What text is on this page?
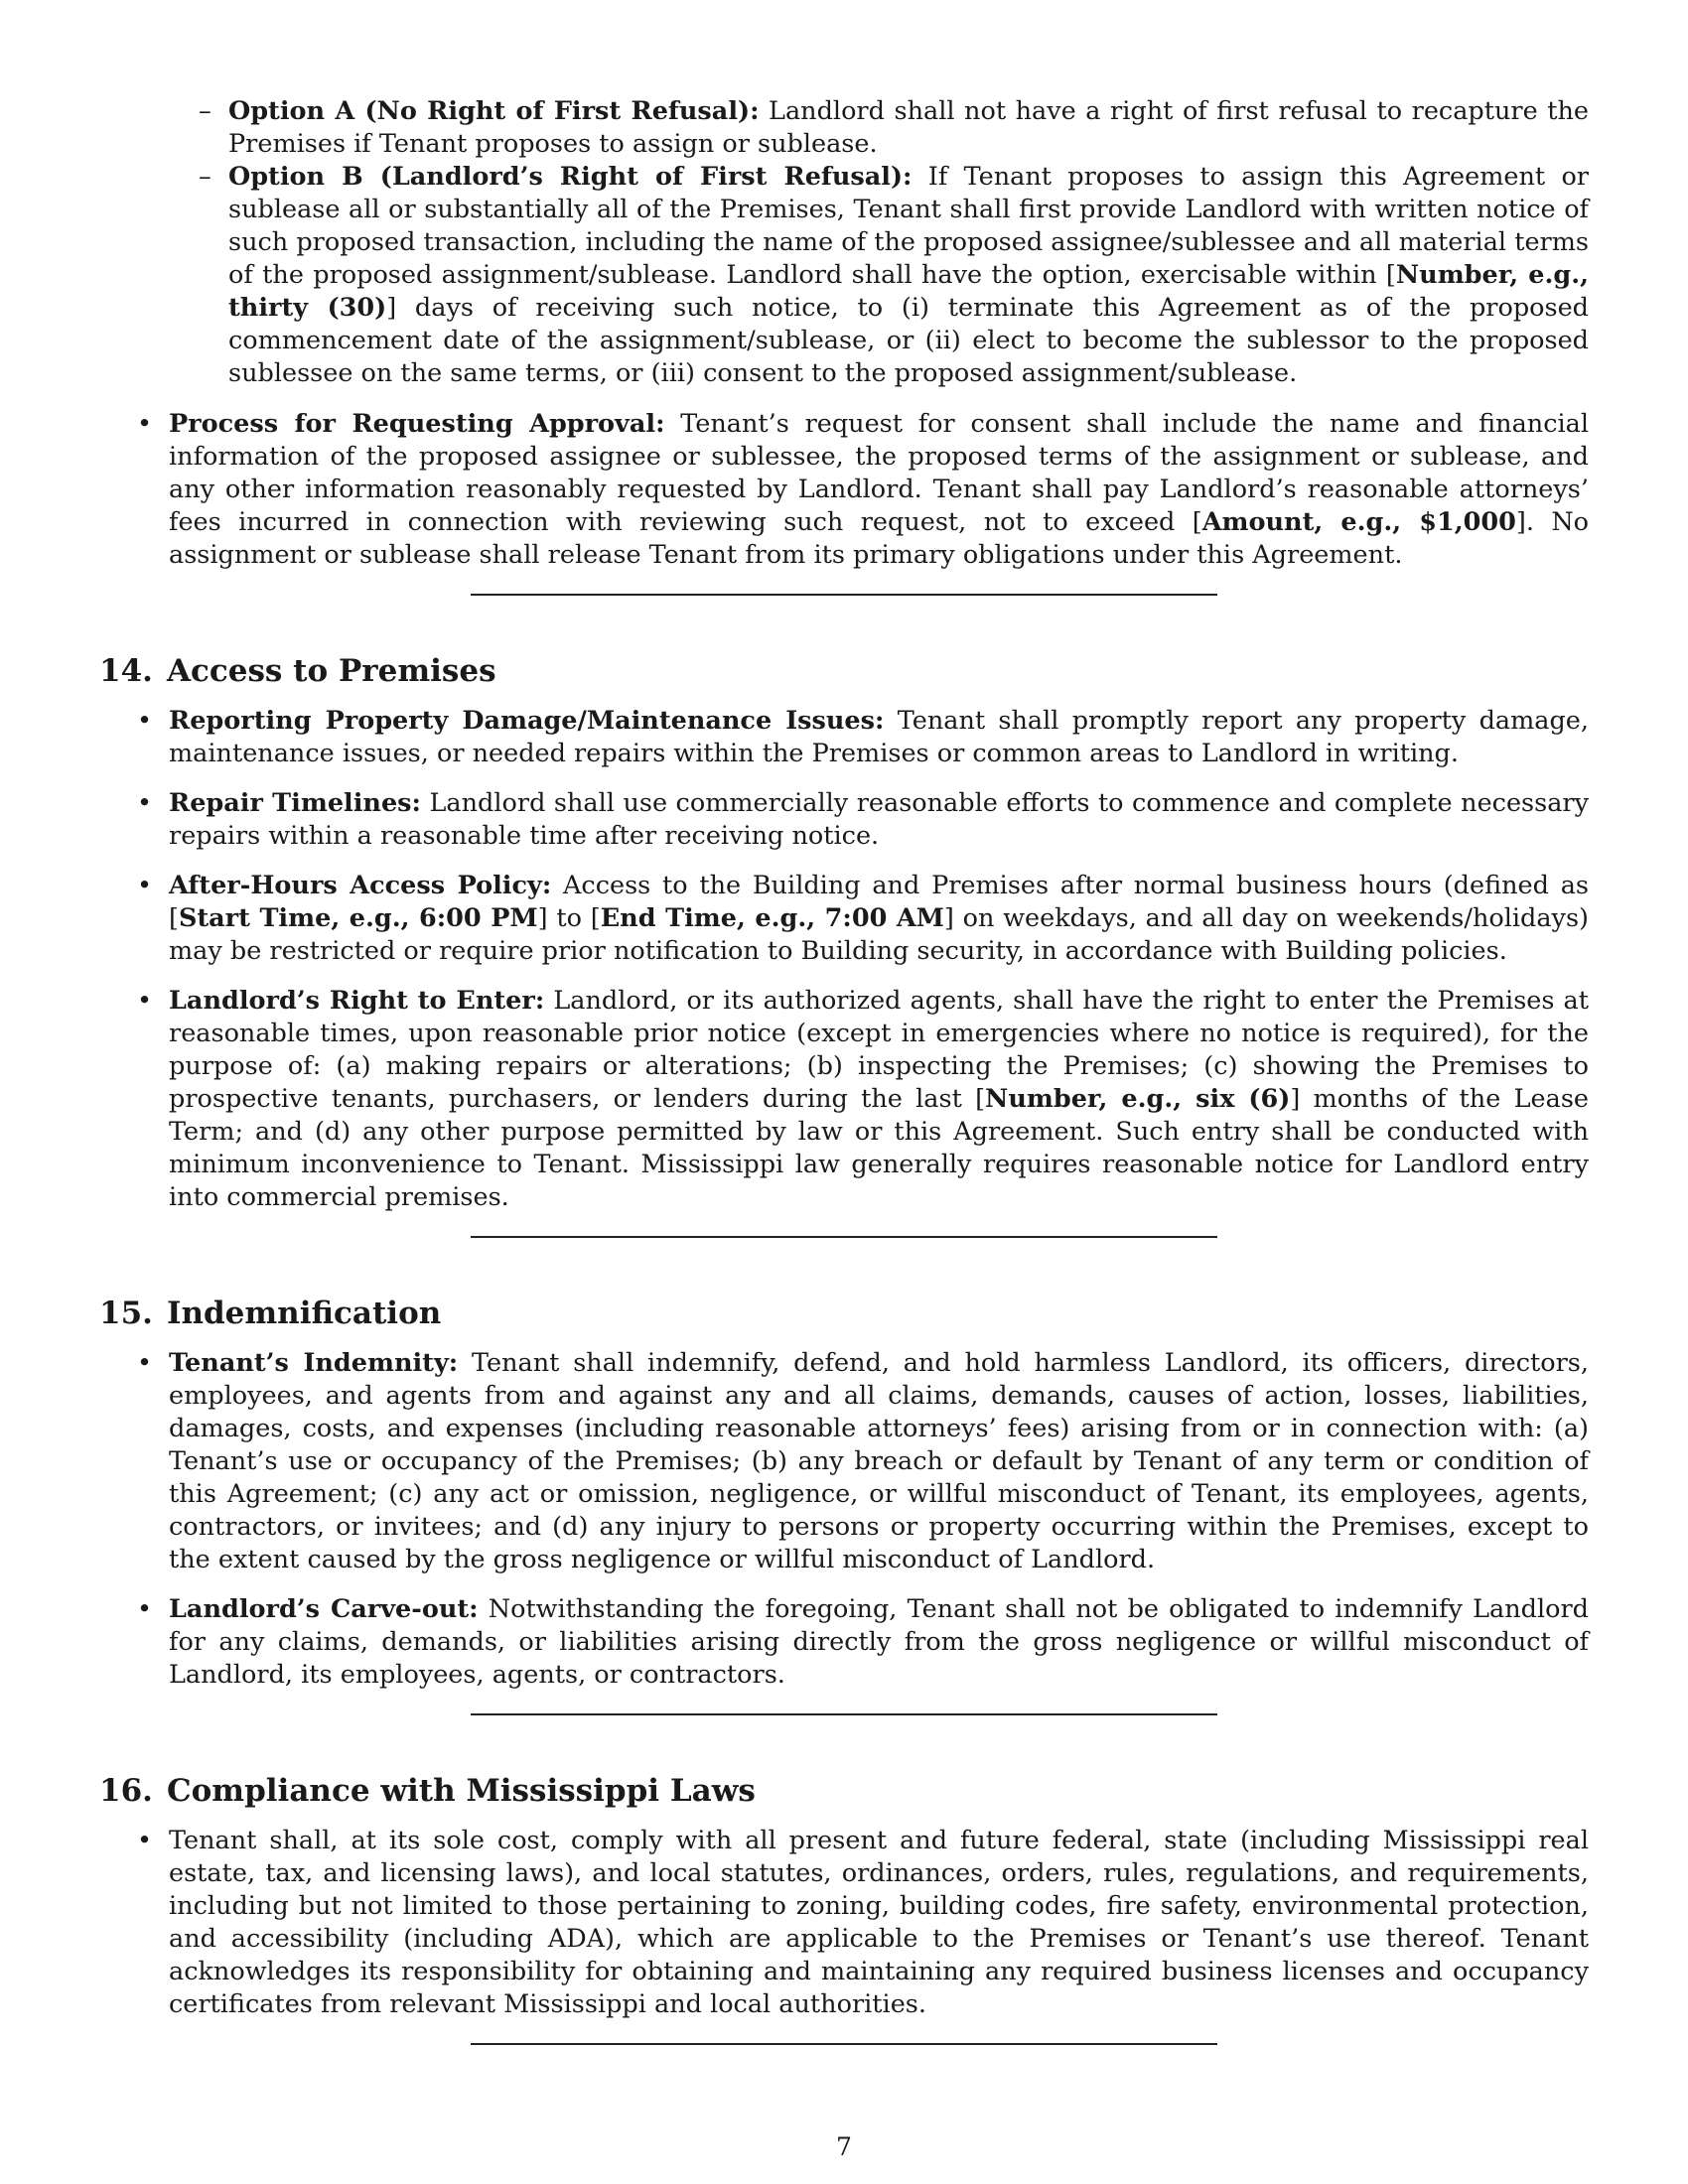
– Option A (No Right of First Refusal): Landlord shall not have a right of first refusal to recapture the Premises if Tenant proposes to assign or sublease.
– Option B (Landlord’s Right of First Refusal): If Tenant proposes to assign this Agreement or sublease all or substantially all of the Premises, Tenant shall first provide Landlord with written notice of such proposed transaction, including the name of the proposed assignee/sublessee and all material terms of the proposed assignment/sublease. Landlord shall have the option, exercisable within [Number, e.g., thirty (30)] days of receiving such notice, to (i) terminate this Agreement as of the proposed commencement date of the assignment/sublease, or (ii) elect to become the sublessor to the proposed sublessee on the same terms, or (iii) consent to the proposed assignment/sublease.
• Process for Requesting Approval: Tenant’s request for consent shall include the name and financial information of the proposed assignee or sublessee, the proposed terms of the assignment or sublease, and any other information reasonably requested by Landlord. Tenant shall pay Landlord’s reasonable attorneys’ fees incurred in connection with reviewing such request, not to exceed [Amount, e.g., $1,000]. No assignment or sublease shall release Tenant from its primary obligations under this Agreement.
14. Access to Premises
• Reporting Property Damage/Maintenance Issues: Tenant shall promptly report any property damage, maintenance issues, or needed repairs within the Premises or common areas to Landlord in writing.
• Repair Timelines: Landlord shall use commercially reasonable efforts to commence and complete necessary repairs within a reasonable time after receiving notice.
• After-Hours Access Policy: Access to the Building and Premises after normal business hours (defined as [Start Time, e.g., 6:00 PM] to [End Time, e.g., 7:00 AM] on weekdays, and all day on weekends/holidays) may be restricted or require prior notification to Building security, in accordance with Building policies.
• Landlord’s Right to Enter: Landlord, or its authorized agents, shall have the right to enter the Premises at reasonable times, upon reasonable prior notice (except in emergencies where no notice is required), for the purpose of: (a) making repairs or alterations; (b) inspecting the Premises; (c) showing the Premises to prospective tenants, purchasers, or lenders during the last [Number, e.g., six (6)] months of the Lease Term; and (d) any other purpose permitted by law or this Agreement. Such entry shall be conducted with minimum inconvenience to Tenant. Mississippi law generally requires reasonable notice for Landlord entry into commercial premises.
15. Indemnification
• Tenant’s Indemnity: Tenant shall indemnify, defend, and hold harmless Landlord, its officers, directors, employees, and agents from and against any and all claims, demands, causes of action, losses, liabilities, damages, costs, and expenses (including reasonable attorneys’ fees) arising from or in connection with: (a) Tenant’s use or occupancy of the Premises; (b) any breach or default by Tenant of any term or condition of this Agreement; (c) any act or omission, negligence, or willful misconduct of Tenant, its employees, agents, contractors, or invitees; and (d) any injury to persons or property occurring within the Premises, except to the extent caused by the gross negligence or willful misconduct of Landlord.
• Landlord’s Carve-out: Notwithstanding the foregoing, Tenant shall not be obligated to indemnify Landlord for any claims, demands, or liabilities arising directly from the gross negligence or willful misconduct of Landlord, its employees, agents, or contractors.
16. Compliance with Mississippi Laws
• Tenant shall, at its sole cost, comply with all present and future federal, state (including Mississippi real estate, tax, and licensing laws), and local statutes, ordinances, orders, rules, regulations, and requirements, including but not limited to those pertaining to zoning, building codes, fire safety, environmental protection, and accessibility (including ADA), which are applicable to the Premises or Tenant’s use thereof. Tenant acknowledges its responsibility for obtaining and maintaining any required business licenses and occupancy certificates from relevant Mississippi and local authorities.
7
